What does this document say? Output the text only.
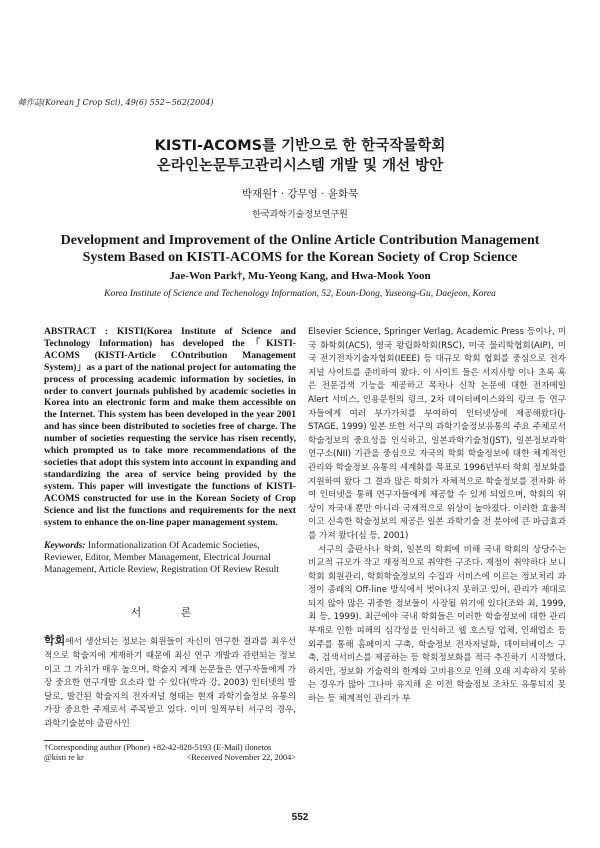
韓作誌(Korean J Crop Sci), 49(6) 552~562(2004)
KISTI-ACOMS를 기반으로 한 한국작물학회
온라인논문투고관리시스템 개발 및 개선 방안
박재원† · 강무영 · 윤화묵
한국과학기술정보연구원
Development and Improvement of the Online Article Contribution Management
System Based on KISTI-ACOMS for the Korean Society of Crop Science
Jae-Won Park†, Mu-Yeong Kang, and Hwa-Mook Yoon
Korea Institute of Science and Techenology Information, 52, Eoun-Dong, Yuseong-Gu, Daejeon, Korea
ABSTRACT : KISTI(Korea Institute of Science and Technology Information) has developed the「KISTI-ACOMS (KISTI-Article COntribution Management System)」as a part of the national project for automating the process of processing academic information by societies, in order to convert journals published by academic societies in Korea into an electronic form and make them accessible on the Internet. This system has been developed in the year 2001 and has since been distributed to societies free of charge. The number of societies requesting the service has risen recently, which prompted us to take more recommendations of the societies that adopt this system into account in expanding and standardizing the area of service being provided by the system. This paper will investigate the functions of KISTI-ACOMS constructed for use in the Korean Society of Crop Science and list the functions and requirements for the next system to enhance the on-line paper management system.
Keywords: Informationalization Of Academic Societies, Reviewer, Editor, Member Management, Electrical Journal Management, Article Review, Registration Of Review Result
서 론
학회에서 생산되는 정보는 회원들이 자신이 연구한 결과를 최우선적으로 학술지에 게재하기 때문에 최신 연구 개발과 관련되는 정보이고 그 가치가 매우 높으며, 학술지 게재 논문들은 연구자들에게 가장 중요한 연구개발 요소라 할 수 있다(박과 강, 2003) 인터넷의 발달로, 발간된 학술지의 전자저널 형태는 현재 과학기술정보 유통의 가장 중요한 주제로서 주목받고 있다. 이미 일찍부터 서구의 경우, 과학기술분야 출판사인
†Corresponding author (Phone) +82-42-828-5193 (E-Mail) ilonetos
@kisti re kr	<Received November 22, 2004>

Elsevier Science, Springer Verlag, Academic Press 등이나, 미국 화학회(ACS), 영국 왕립화학회(RSC), 미국 물리학협회(AIP), 미국 전기전자기술자협회(IEEE) 등 대규모 학회 협회를 중심으로 전자저널 사이트를 준비하여 왔다. 이 사이트 들은 서지사항 이나 초록 혹은 전문검색 기능을 제공하고 목차나 신착 논문에 대한 전자메일 Alert 서비스, 인용문헌의 링크, 2차 데이터베이스와의 링크 등 연구자들에게 여러 부가가치를 부여하여 인터넷상에 제공해왔다(J-STAGE, 1999) 일본 또한 서구의 과학기술정보유통의 주요 주체로서 학술정보의 중요성을 인식하고, 일본과학기술청(JST), 일본정보과학연구소(NII) 기관을 중심으로 자국의 학회 학술정보에 대한 체계적인 관리와 학술정보 유통의 세계화를 목표로 1996년부터 학회 정보화를 지원하여 왔다 그 결과 많은 학회가 자체적으로 학술정보를 전자화 하여 인터넷을 통해 연구자들에게 제공할 수 있게 되었으며, 학회의 위상이 자국내 뿐만 아니라 국제적으로 위상이 높아졌다. 이러한 효율적이고 신속한 학술정보의 제공은 일본 과학기술 전 분야에 큰 파급효과를 가져 왔다(심 등, 2001)

서구의 출판사나 학회, 일본의 학회에 비해 국내 학회의 상당수는 비교적 규모가 작고 재정적으로 취약한 구조다. 재정이 취약하다 보니 학회 회원관리, 학회학술정보의 수집과 서비스에 이르는 정보처리 과정이 종래의 Off-line 방식에서 벗어나지 못하고 있어, 관리가 제대로 되지 않아 많은 귀중한 정보들이 사장될 위기에 있다(조와 최, 1999, 최 등, 1999). 최근에야 국내 학회들은 이러한 학술정보에 대한 관리 부재로 인한 피해의 심각성을 인식하고 웹 호스팅 업체, 인쇄업소 등 외주를 통해 홈페이지 구축, 학술정보 전자저널화, 데이터베이스 구축, 검색서비스를 제공하는 등 학회정보화를 적극 추진하기 시작했다. 하지만, 정보화 기술력의 한계와 고비용으로 인해 오래 지속하지 못하는 경우가 많아 그나마 유지해 온 이전 학술정보 조차도 유통되지 못하는 등 체계적인 관리가 부

552
